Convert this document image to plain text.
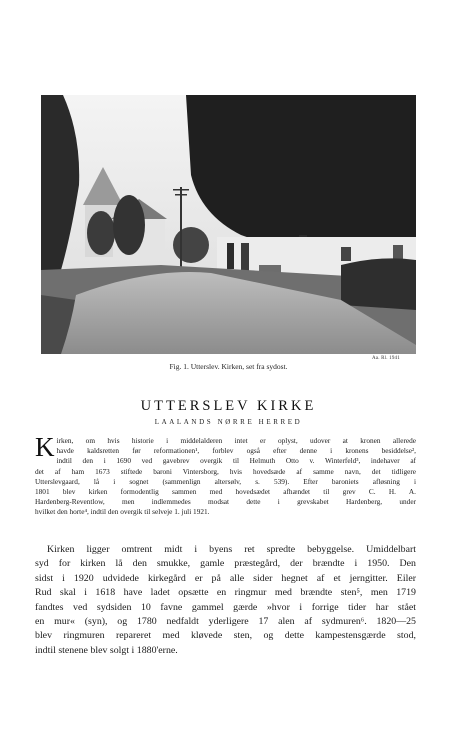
Aa. Rl. 1941
Fig. 1. Utterslev. Kirken, set fra sydost.
UTTERSLEV KIRKE
LAALANDS NØRRE HERRED
K irken, om hvis historie i middelalderen intet er oplyst, udover at kronen allerede
havde kaldsretten før reformationen¹, forblev også efter denne i kronens besiddelse²,
indtil den i 1690 ved gavebrev overgik til Helmuth Otto v. Winterfeld³, indehaver af
det af ham 1673 stiftede baroni Vintersborg, hvis hovedsæde af samme navn, det tidligere
Utterslevgaard, lå i sognet (sammenlign altersølv, s. 539). Efter baroniets afløsning i
1801 blev kirken formodentlig sammen med hovedsædet afhændet til grev C. H. A.
Hardenberg-Reventlow, men indlemmedes modsat dette i grevskabet Hardenberg, under
hvilket den horte⁴, indtil den overgik til selveje 1. juli 1921.
Kirken ligger omtrent midt i byens ret spredte bebyggelse. Umiddelbart
syd for kirken lå den smukke, gamle præstegård, der brændte i 1950. Den
sidst i 1920 udvidede kirkegård er på alle sider hegnet af et jerngitter. Eiler
Rud skal i 1618 have ladet opsætte en ringmur med brændte sten⁵, men 1719
fandtes ved sydsiden 10 favne gammel gærde »hvor i forrige tider har stået
en mur« (syn), og 1780 nedfaldt yderligere 17 alen af sydmuren⁶. 1820—25
blev ringmuren repareret med kløvede sten, og dette kampestensgærde stod,
indtil stenene blev solgt i 1880'erne.
